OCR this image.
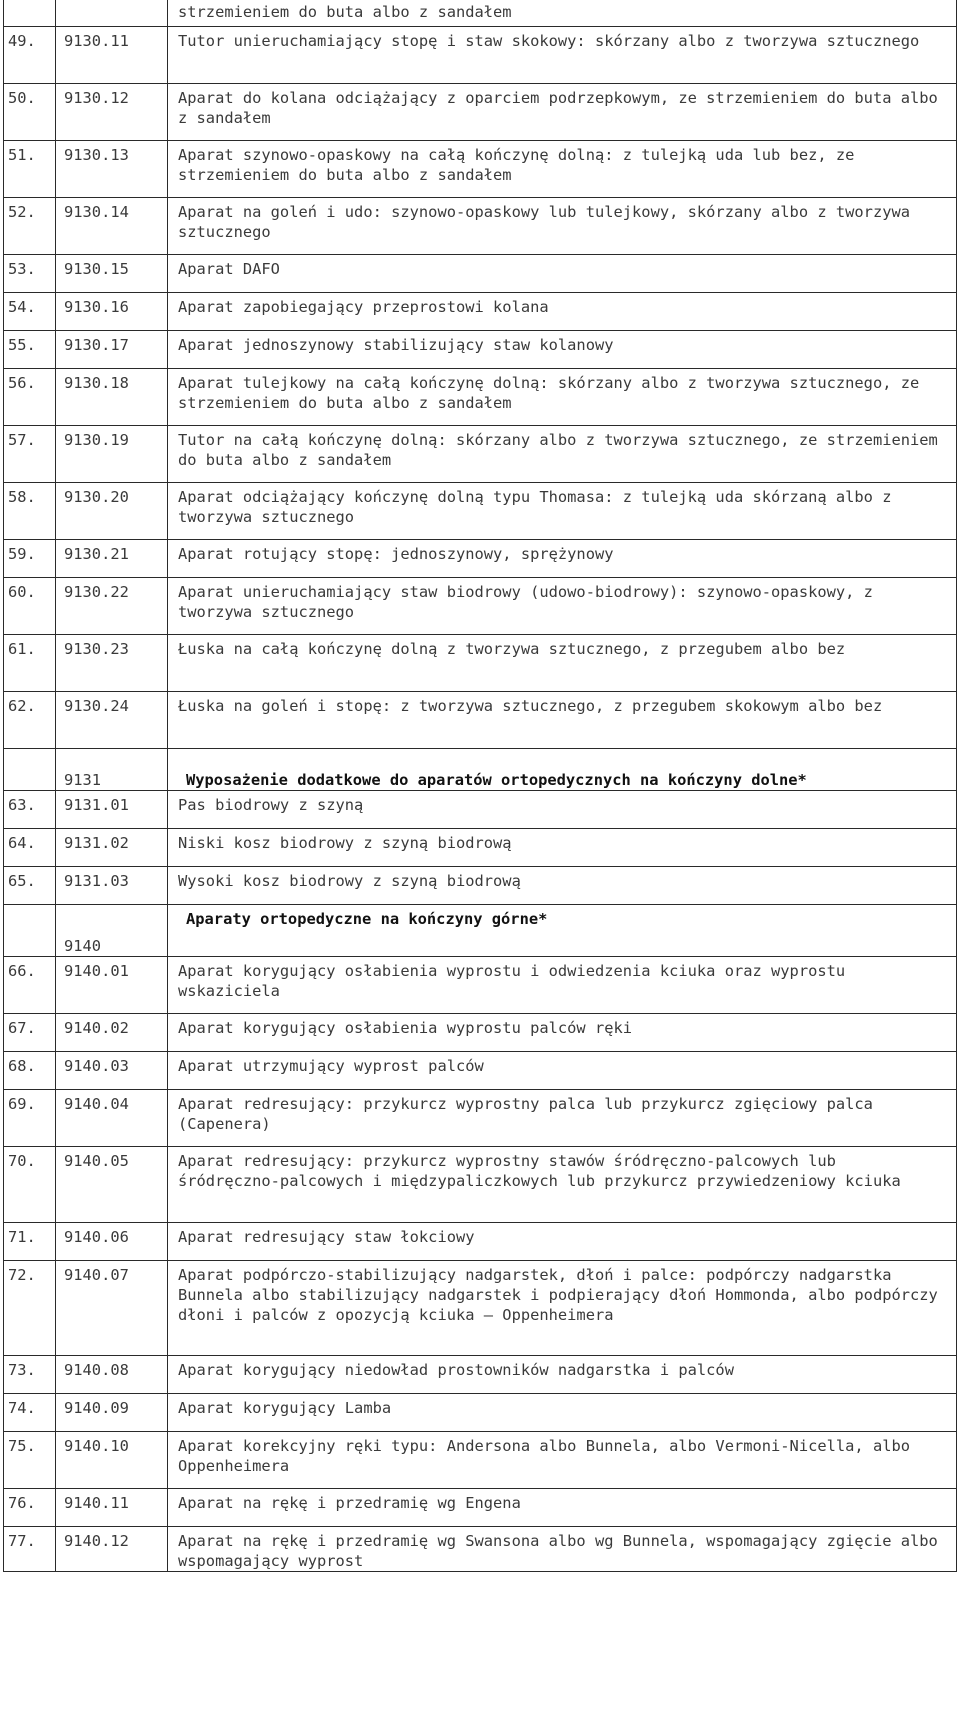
		strzemieniem do buta albo z sandałem
49.	9130.11	Tutor unieruchamiający stopę i staw skokowy: skórzany albo z tworzywa sztucznego
50.	9130.12	Aparat do kolana odciążający z oparciem podrzepkowym, ze strzemieniem do buta albo z sandałem
51.	9130.13	Aparat szynowo-opaskowy na całą kończynę dolną: z tulejką uda lub bez, ze strzemieniem do buta albo z sandałem
52.	9130.14	Aparat na goleń i udo: szynowo-opaskowy lub tulejkowy, skórzany albo z tworzywa sztucznego
53.	9130.15	Aparat DAFO
54.	9130.16	Aparat zapobiegający przeprostowi kolana
55.	9130.17	Aparat jednoszynowy stabilizujący staw kolanowy
56.	9130.18	Aparat tulejkowy na całą kończynę dolną: skórzany albo z tworzywa sztucznego, ze strzemieniem do buta albo z sandałem
57.	9130.19	Tutor na całą kończynę dolną: skórzany albo z tworzywa sztucznego, ze strzemieniem do buta albo z sandałem
58.	9130.20	Aparat odciążający kończynę dolną typu Thomasa: z tulejką uda skórzaną albo z tworzywa sztucznego
59.	9130.21	Aparat rotujący stopę: jednoszynowy, sprężynowy
60.	9130.22	Aparat unieruchamiający staw biodrowy (udowo-biodrowy): szynowo-opaskowy, z tworzywa sztucznego
61.	9130.23	Łuska na całą kończynę dolną z tworzywa sztucznego, z przegubem albo bez
62.	9130.24	Łuska na goleń i stopę: z tworzywa sztucznego, z przegubem skokowym albo bez
	9131	Wyposażenie dodatkowe do aparatów ortopedycznych na kończyny dolne*
63.	9131.01	Pas biodrowy z szyną
64.	9131.02	Niski kosz biodrowy z szyną biodrową
65.	9131.03	Wysoki kosz biodrowy z szyną biodrową
	9140	Aparaty ortopedyczne na kończyny górne*
66.	9140.01	Aparat korygujący osłabienia wyprostu i odwiedzenia kciuka oraz wyprostu wskaziciela
67.	9140.02	Aparat korygujący osłabienia wyprostu palców ręki
68.	9140.03	Aparat utrzymujący wyprost palców
69.	9140.04	Aparat redresujący: przykurcz wyprostny palca lub przykurcz zgięciowy palca (Capenera)
70.	9140.05	Aparat redresujący: przykurcz wyprostny stawów śródręczno-palcowych lub śródręczno-palcowych i międzypaliczkowych lub przykurcz przywiedzeniowy kciuka
71.	9140.06	Aparat redresujący staw łokciowy
72.	9140.07	Aparat podpórczo-stabilizujący nadgarstek, dłoń i palce: podpórczy nadgarstka Bunnela albo stabilizujący nadgarstek i podpierający dłoń Hommonda, albo podpórczy dłoni i palców z opozycją kciuka – Oppenheimera
73.	9140.08	Aparat korygujący niedowład prostowników nadgarstka i palców
74.	9140.09	Aparat korygujący Lamba
75.	9140.10	Aparat korekcyjny ręki typu: Andersona albo Bunnela, albo Vermoni-Nicella, albo Oppenheimera
76.	9140.11	Aparat na rękę i przedramię wg Engena
77.	9140.12	Aparat na rękę i przedramię wg Swansona albo wg Bunnela, wspomagający zgięcie albo wspomagający wyprost
